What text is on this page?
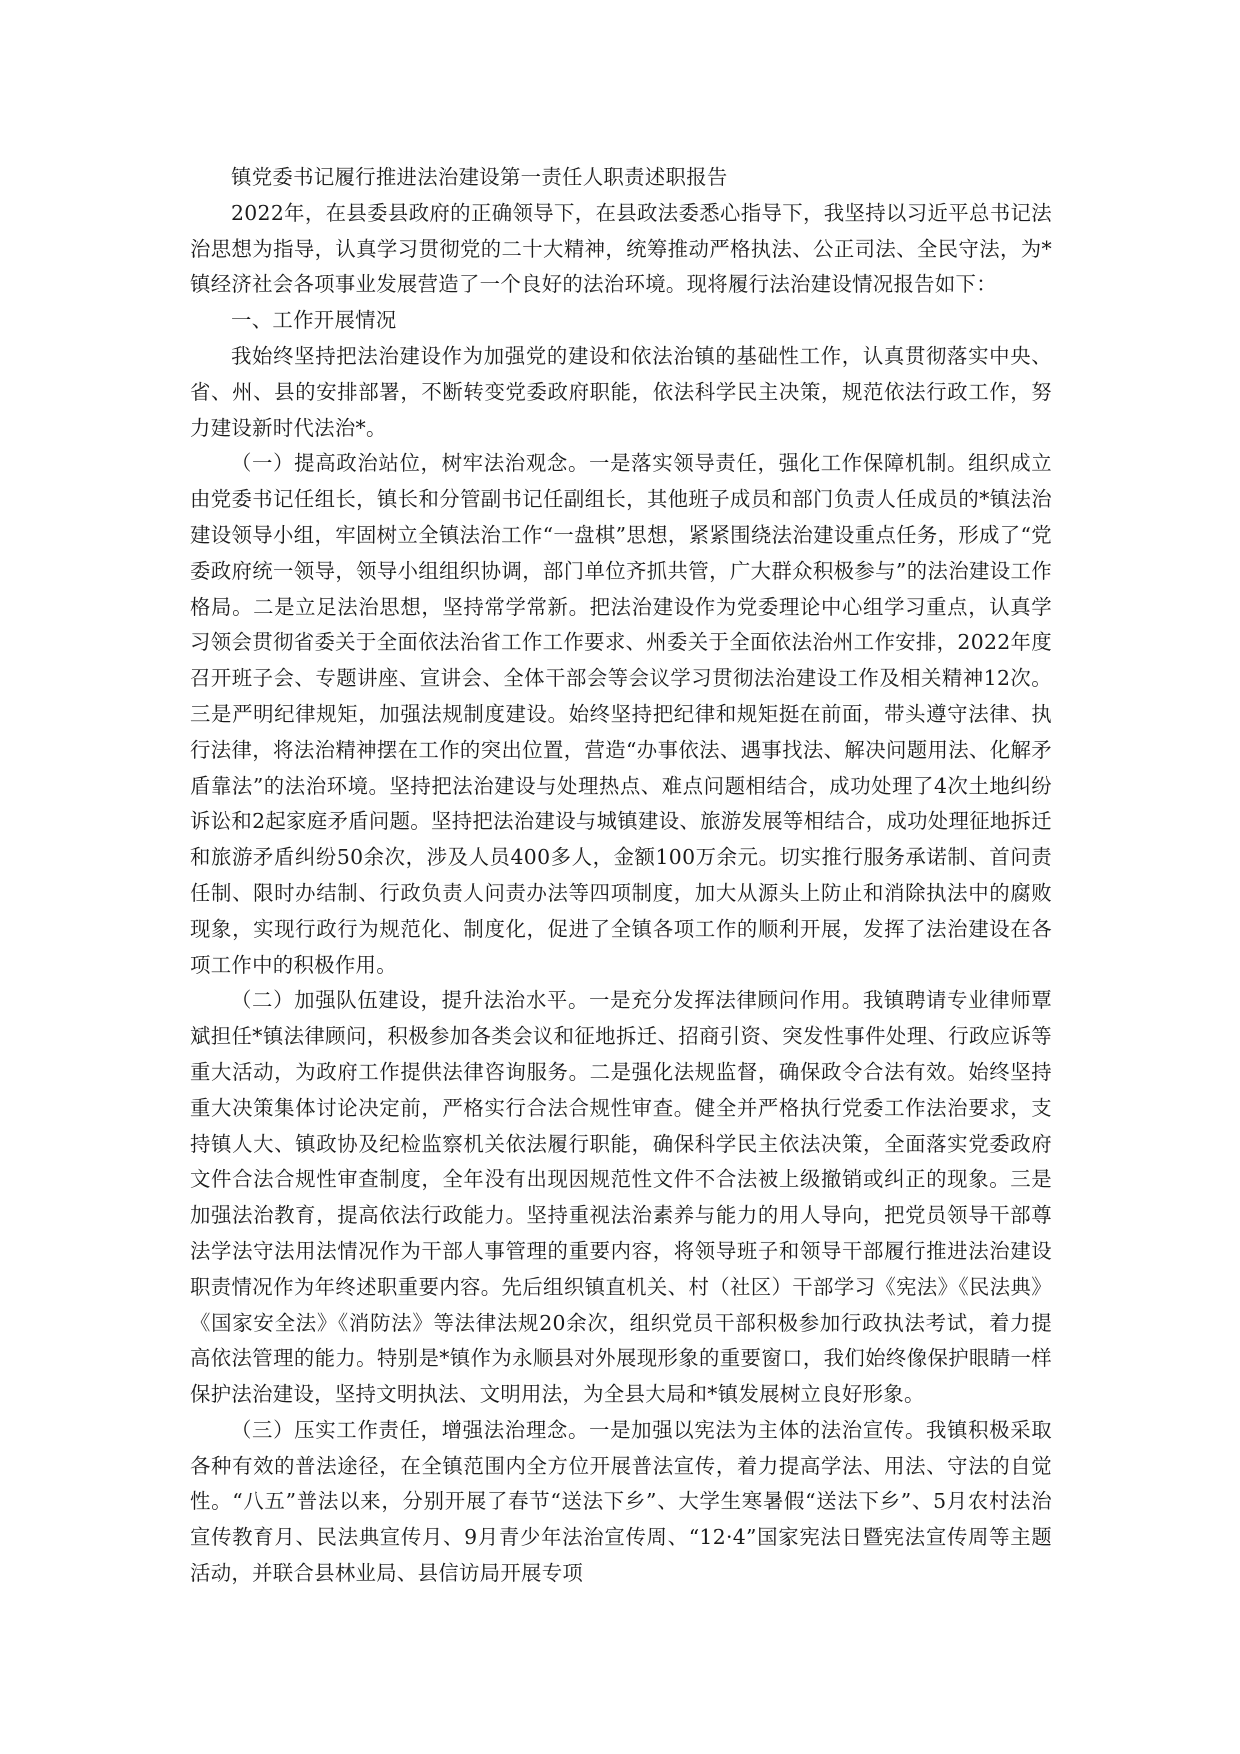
镇党委书记履行推进法治建设第一责任人职责述职报告

2022年，在县委县政府的正确领导下，在县政法委悉心指导下，我坚持以习近平总书记法治思想为指导，认真学习贯彻党的二十大精神，统筹推动严格执法、公正司法、全民守法，为*镇经济社会各项事业发展营造了一个良好的法治环境。现将履行法治建设情况报告如下：

一、工作开展情况

我始终坚持把法治建设作为加强党的建设和依法治镇的基础性工作，认真贯彻落实中央、省、州、县的安排部署，不断转变党委政府职能，依法科学民主决策，规范依法行政工作，努力建设新时代法治*。

（一）提高政治站位，树牢法治观念。一是落实领导责任，强化工作保障机制。组织成立由党委书记任组长，镇长和分管副书记任副组长，其他班子成员和部门负责人任成员的*镇法治建设领导小组，牢固树立全镇法治工作“一盘棋”思想，紧紧围绕法治建设重点任务，形成了“党委政府统一领导，领导小组组织协调，部门单位齐抓共管，广大群众积极参与”的法治建设工作格局。二是立足法治思想，坚持常学常新。把法治建设作为党委理论中心组学习重点，认真学习领会贯彻省委关于全面依法治省工作工作要求、州委关于全面依法治州工作安排，2022年度召开班子会、专题讲座、宣讲会、全体干部会等会议学习贯彻法治建设工作及相关精神12次。三是严明纪律规矩，加强法规制度建设。始终坚持把纪律和规矩挺在前面，带头遵守法律、执行法律，将法治精神摆在工作的突出位置，营造“办事依法、遇事找法、解决问题用法、化解矛盾靠法”的法治环境。坚持把法治建设与处理热点、难点问题相结合，成功处理了4次土地纠纷诉讼和2起家庭矛盾问题。坚持把法治建设与城镇建设、旅游发展等相结合，成功处理征地拆迁和旅游矛盾纠纷50余次，涉及人员400多人，金额100万余元。切实推行服务承诺制、首问责任制、限时办结制、行政负责人问责办法等四项制度，加大从源头上防止和消除执法中的腐败现象，实现行政行为规范化、制度化，促进了全镇各项工作的顺利开展，发挥了法治建设在各项工作中的积极作用。

（二）加强队伍建设，提升法治水平。一是充分发挥法律顾问作用。我镇聘请专业律师覃斌担任*镇法律顾问，积极参加各类会议和征地拆迁、招商引资、突发性事件处理、行政应诉等重大活动，为政府工作提供法律咨询服务。二是强化法规监督，确保政令合法有效。始终坚持重大决策集体讨论决定前，严格实行合法合规性审查。健全并严格执行党委工作法治要求，支持镇人大、镇政协及纪检监察机关依法履行职能，确保科学民主依法决策，全面落实党委政府文件合法合规性审查制度，全年没有出现因规范性文件不合法被上级撤销或纠正的现象。三是加强法治教育，提高依法行政能力。坚持重视法治素养与能力的用人导向，把党员领导干部尊法学法守法用法情况作为干部人事管理的重要内容，将领导班子和领导干部履行推进法治建设职责情况作为年终述职重要内容。先后组织镇直机关、村（社区）干部学习《宪法》《民法典》《国家安全法》《消防法》等法律法规20余次，组织党员干部积极参加行政执法考试，着力提高依法管理的能力。特别是*镇作为永顺县对外展现形象的重要窗口，我们始终像保护眼睛一样保护法治建设，坚持文明执法、文明用法，为全县大局和*镇发展树立良好形象。

（三）压实工作责任，增强法治理念。一是加强以宪法为主体的法治宣传。我镇积极采取各种有效的普法途径，在全镇范围内全方位开展普法宣传，着力提高学法、用法、守法的自觉性。“八五”普法以来，分别开展了春节“送法下乡”、大学生寒暑假“送法下乡”、5月农村法治宣传教育月、民法典宣传月、9月青少年法治宣传周、“12·4”国家宪法日暨宪法宣传周等主题活动，并联合县林业局、县信访局开展专项
